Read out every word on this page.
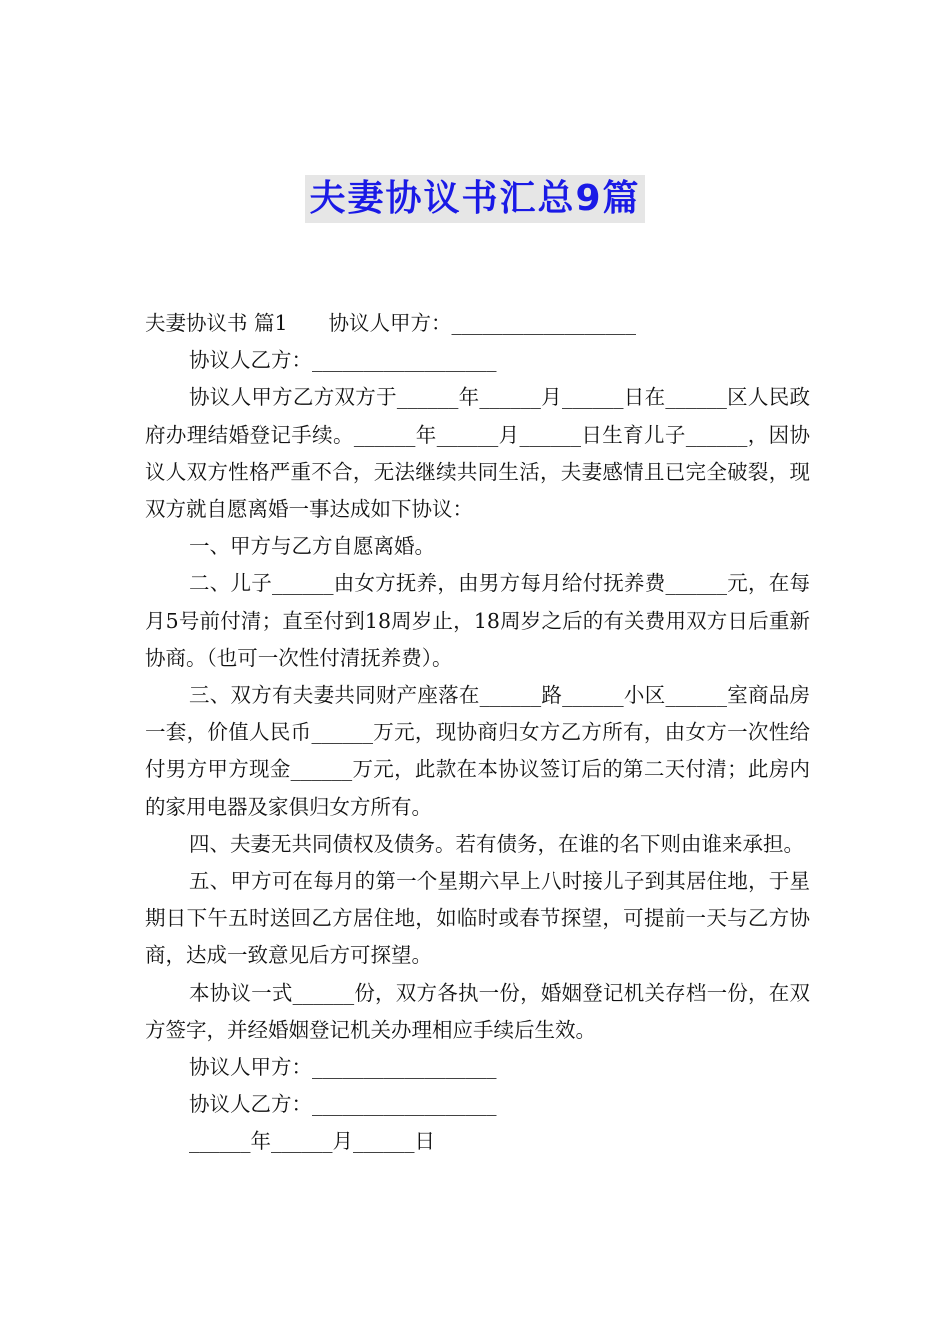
夫妻协议书汇总9篇

夫妻协议书 篇1　　协议人甲方：__________________

协议人乙方：__________________

协议人甲方乙方双方于______年______月______日在______区人民政府办理结婚登记手续。______年______月______日生育儿子______，因协议人双方性格严重不合，无法继续共同生活，夫妻感情且已完全破裂，现双方就自愿离婚一事达成如下协议：

一、甲方与乙方自愿离婚。

二、儿子______由女方抚养，由男方每月给付抚养费______元，在每月5号前付清；直至付到18周岁止，18周岁之后的有关费用双方日后重新协商。（也可一次性付清抚养费）。

三、双方有夫妻共同财产座落在______路______小区______室商品房一套，价值人民币______万元，现协商归女方乙方所有，由女方一次性给付男方甲方现金______万元，此款在本协议签订后的第二天付清；此房内的家用电器及家俱归女方所有。

四、夫妻无共同债权及债务。若有债务，在谁的名下则由谁来承担。

五、甲方可在每月的第一个星期六早上八时接儿子到其居住地，于星期日下午五时送回乙方居住地，如临时或春节探望，可提前一天与乙方协商，达成一致意见后方可探望。

本协议一式______份，双方各执一份，婚姻登记机关存档一份，在双方签字，并经婚姻登记机关办理相应手续后生效。

协议人甲方：__________________

协议人乙方：__________________

______年______月______日
